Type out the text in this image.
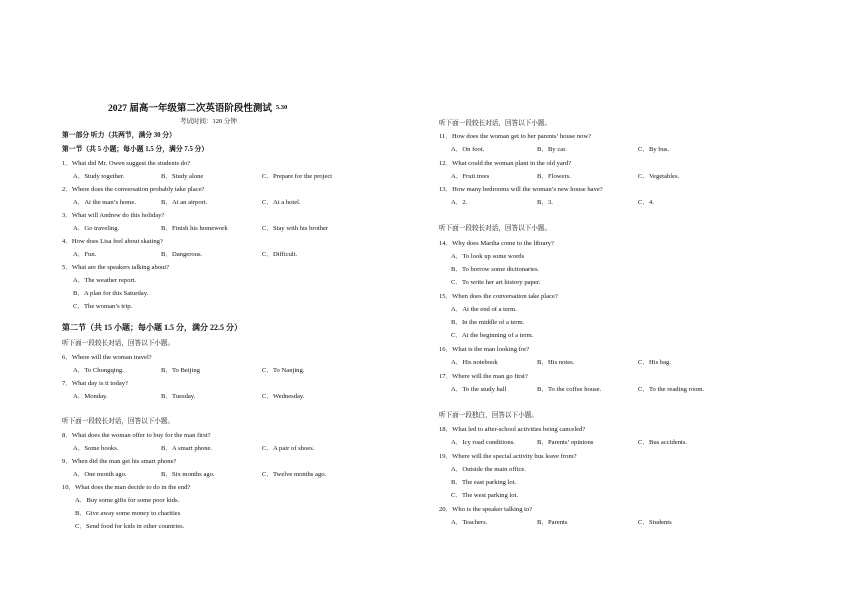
2027 届高一年级第二次英语阶段性测试 $^{5.30}$
考试时间：120 分钟
第一部分 听力（共两节，满分 30 分）
第一节（共 5 小题；每小题 1.5 分，满分 7.5 分）
1．What did Mr. Owen suggest the students do?
A．Study together.	B．Study alone	C．Prepare for the project
2．Where does the conversation probably take place?
A．At the man’s home.	B．At an airport.	C．At a hotel.
3．What will Andrew do this holiday?
A．Go traveling.	B．Finish his homework	C．Stay with his brother
4．How does Lisa feel about skating?
A．Fun.	B．Dangerous.	C．Difficult.
5．What are the speakers talking about?
A．The weather report.
B．A plan for this Saturday.
C．The woman’s trip.
第二节（共 15 小题；每小题 1.5 分，满分 22.5 分）
听下面一段较长对话，回答以下小题。
6．Where will the woman travel?
A．To Chongqing.	B．To Beijing	C．To Nanjing.
7．What day is it today?
A．Monday.	B．Tuesday.	C．Wednesday.
听下面一段较长对话，回答以下小题。
8．What does the woman offer to buy for the man first?
A．Some books.	B．A smart phone.	C．A pair of shoes.
9．When did the man get his smart phone?
A．One month ago.	B．Six months ago.	C．Twelve months ago.
10．What does the man decide to do in the end?
A．Buy some gifts for some poor kids.
B．Give away some money to charities
C．Send food for kids in other countries.
听下面一段较长对话，回答以下小题。
11．How does the woman get to her parents’ house now?
A．On foot.	B．By car.	C．By bus.
12．What could the woman plant in the old yard?
A．Fruit trees	B．Flowers.	C．Vegetables.
13．How many bedrooms will the woman’s new house have?
A．2.	B．3.	C．4.
听下面一段较长对话，回答以下小题。
14．Why does Martha come to the library?
A．To look up some words
B．To borrow some dictionaries.
C．To write her art history paper.
15．When does the conversation take place?
A．At the end of a term.
B．In the middle of a term.
C．At the beginning of a term.
16．What is the man looking for?
A．His notebook	B．His notes.	C．His bag.
17．Where will the man go first?
A．To the study hall	B．To the coffee house.	C．To the reading room.
听下面一段独白，回答以下小题。
18．What led to after-school activities being canceled?
A．Icy road conditions.	B．Parents’ opinions	C．Bus accidents.
19．Where will the special activity bus leave from?
A．Outside the main office.
B．The east parking lot.
C．The west parking lot.
20．Who is the speaker talking to?
A．Teachers.	B．Parents	C．Students
